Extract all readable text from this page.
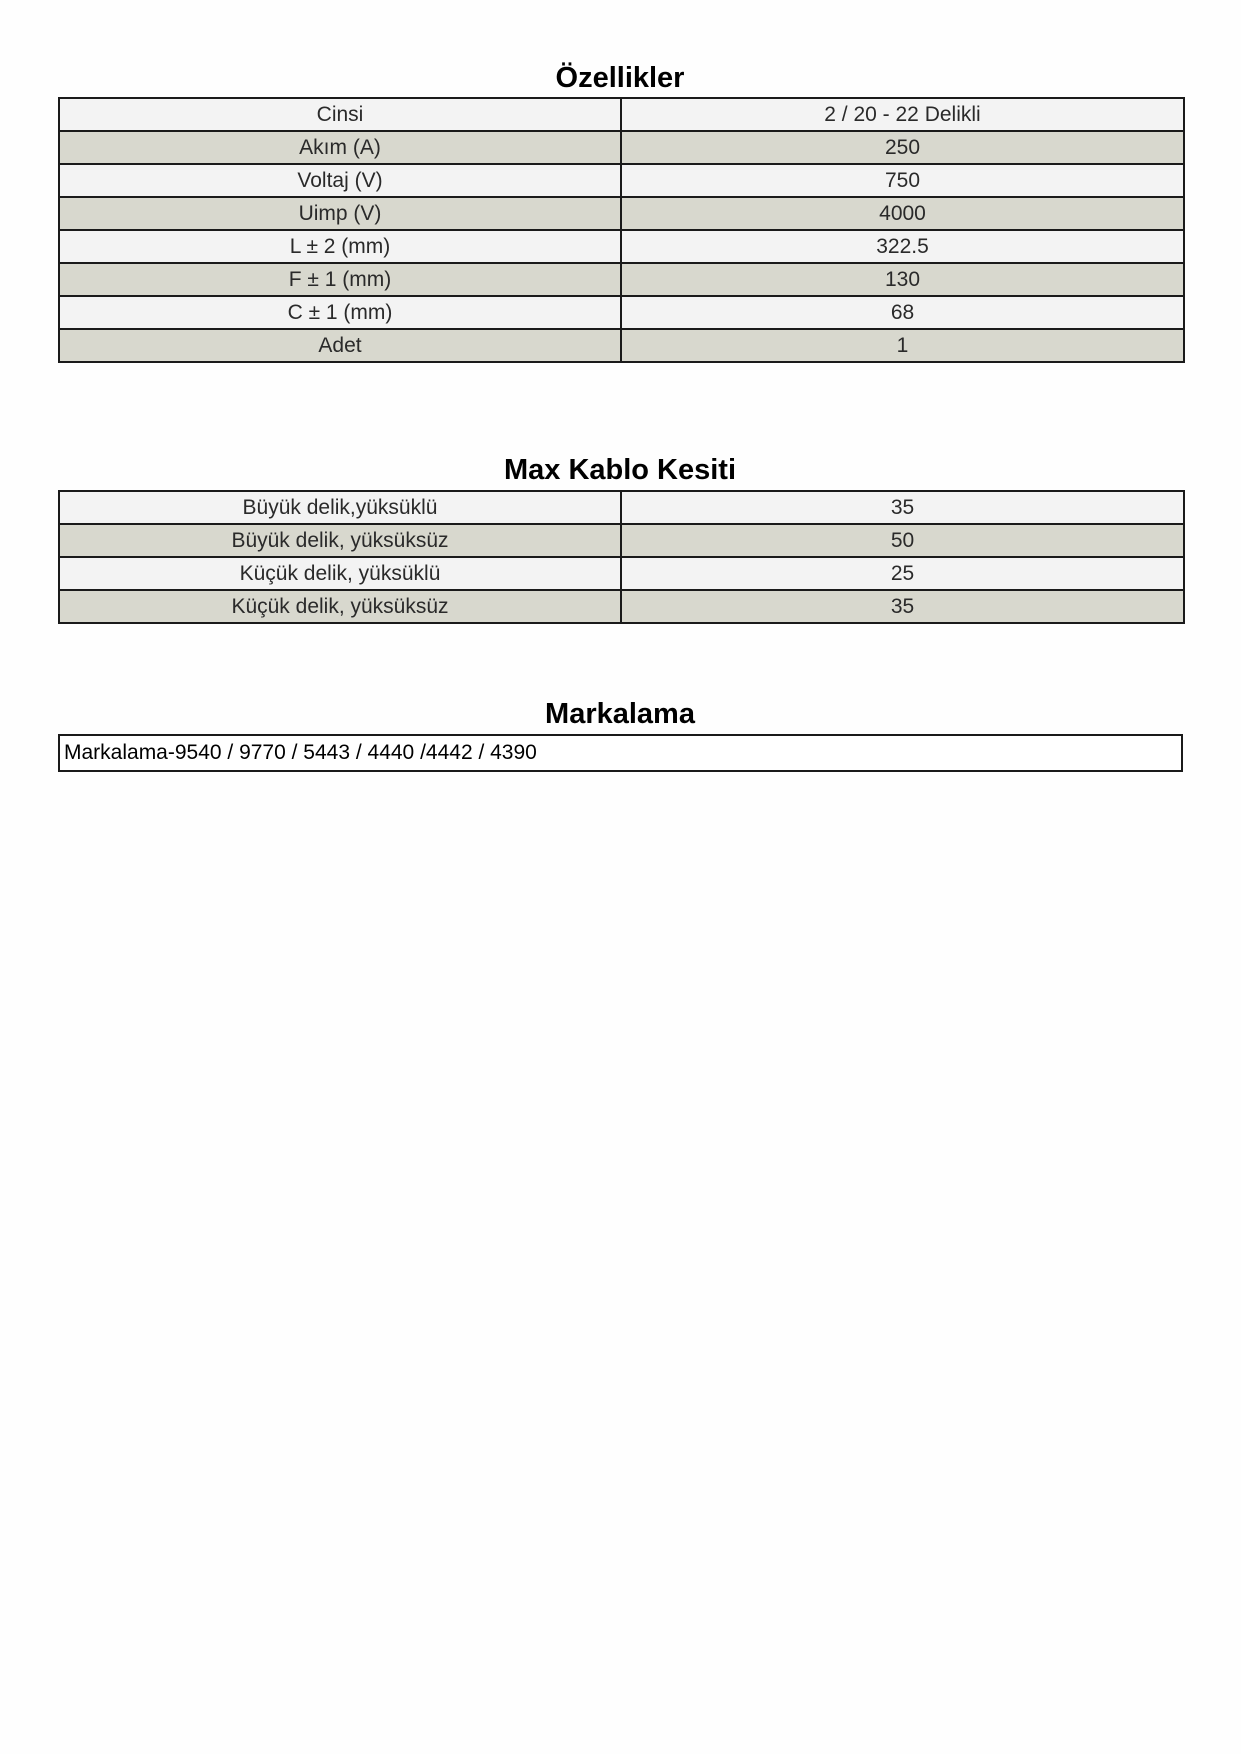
Özellikler
Cinsi	2 / 20 - 22 Delikli
Akım (A)	250
Voltaj (V)	750
Uimp (V)	4000
L ± 2 (mm)	322.5
F ± 1 (mm)	130
C ± 1 (mm)	68
Adet	1
Max Kablo Kesiti
Büyük delik,yüksüklü	35
Büyük delik, yüksüksüz	50
Küçük delik, yüksüklü	25
Küçük delik, yüksüksüz	35
Markalama
Markalama-9540 / 9770 / 5443 / 4440 /4442 / 4390
